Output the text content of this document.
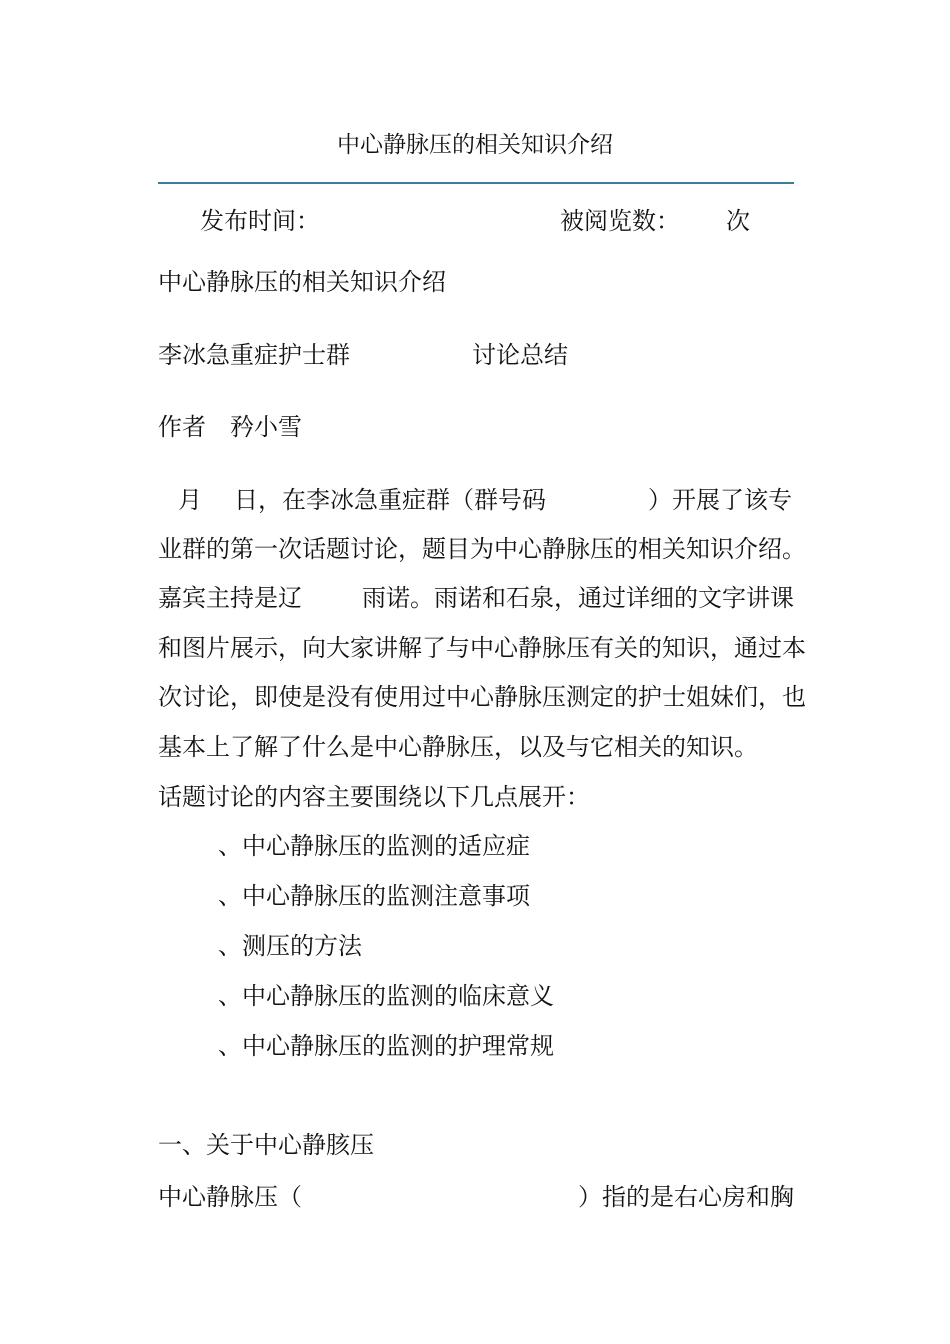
中心静脉压的相关知识介绍
发布时间：	被阅览数： 次
中心静脉压的相关知识介绍
李冰急重症护士群	讨论总结
作者　矜小雪
月 日，在李冰急重症群（群号码	）开展了该专
业群的第一次话题讨论，题目为中心静脉压的相关知识介绍。
嘉宾主持是辽	雨诺。雨诺和石泉，通过详细的文字讲课
和图片展示，向大家讲解了与中心静脉压有关的知识，通过本
次讨论，即使是没有使用过中心静脉压测定的护士姐妹们，也
基本上了解了什么是中心静脉压，以及与它相关的知识。
话题讨论的内容主要围绕以下几点展开：
、中心静脉压的监测的适应症
、中心静脉压的监测注意事项
、测压的方法
、中心静脉压的监测的临床意义
、中心静脉压的监测的护理常规
一、关于中心静胲压
中心静脉压（	）指的是右心房和胸
